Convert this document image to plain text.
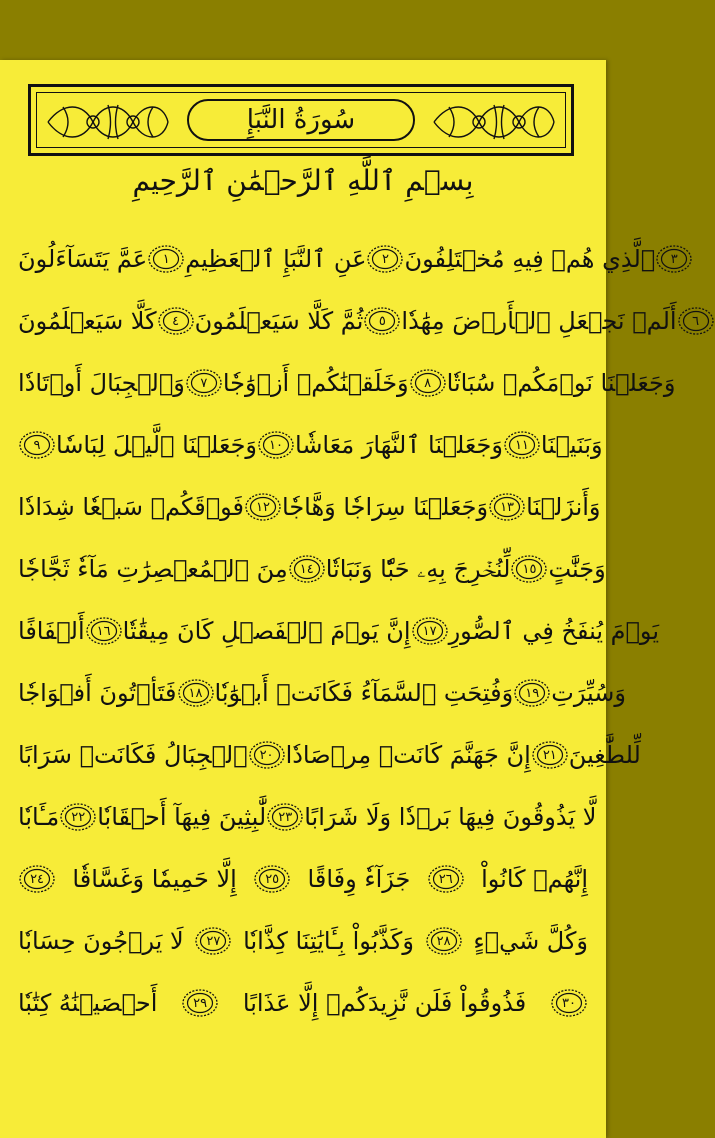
سُورَةُ النَّبَإِ
بِسۡمِ ٱللَّهِ ٱلرَّحۡمَٰنِ ٱلرَّحِيمِ
عَمَّ يَتَسَآءَلُونَ ١ عَنِ ٱلنَّبَإِ ٱلۡعَظِيمِ ٢ ٱلَّذِي هُمۡ فِيهِ مُخۡتَلِفُونَ ٣
كَلَّا سَيَعۡلَمُونَ ٤ ثُمَّ كَلَّا سَيَعۡلَمُونَ ٥ أَلَمۡ نَجۡعَلِ ٱلۡأَرۡضَ مِهَٰدٗا ٦
وَٱلۡجِبَالَ أَوۡتَادٗا ٧ وَخَلَقۡنَٰكُمۡ أَزۡوَٰجٗا ٨ وَجَعَلۡنَا نَوۡمَكُمۡ سُبَاتٗا
٩ وَجَعَلۡنَا ٱلَّيۡلَ لِبَاسٗا ١٠ وَجَعَلۡنَا ٱلنَّهَارَ مَعَاشٗا ١١ وَبَنَيۡنَا
فَوۡقَكُمۡ سَبۡعٗا شِدَادٗا ١٢ وَجَعَلۡنَا سِرَاجٗا وَهَّاجٗا ١٣ وَأَنزَلۡنَا
مِنَ ٱلۡمُعۡصِرَٰتِ مَآءٗ ثَجَّاجٗا ١٤ لِّنُخۡرِجَ بِهِۦ حَبّٗا وَنَبَاتٗا ١٥ وَجَنَّٰتٍ
أَلۡفَافًا ١٦ إِنَّ يَوۡمَ ٱلۡفَصۡلِ كَانَ مِيقَٰتٗا ١٧ يَوۡمَ يُنفَخُ فِي ٱلصُّورِ
فَتَأۡتُونَ أَفۡوَاجٗا ١٨ وَفُتِحَتِ ٱلسَّمَآءُ فَكَانَتۡ أَبۡوَٰبٗا ١٩ وَسُيِّرَتِ
ٱلۡجِبَالُ فَكَانَتۡ سَرَابًا ٢٠ إِنَّ جَهَنَّمَ كَانَتۡ مِرۡصَادٗا ٢١ لِّلطَّٰغِينَ
مَـَٔابٗا ٢٢ لَّٰبِثِينَ فِيهَآ أَحۡقَابٗا ٢٣ لَّا يَذُوقُونَ فِيهَا بَرۡدٗا وَلَا شَرَابًا
٢٤ إِلَّا حَمِيمٗا وَغَسَّاقٗا ٢٥ جَزَآءٗ وِفَاقًا ٢٦ إِنَّهُمۡ كَانُواْ
لَا يَرۡجُونَ حِسَابٗا ٢٧ وَكَذَّبُواْ بِـَٔايَٰتِنَا كِذَّابٗا ٢٨ وَكُلَّ شَيۡءٍ
أَحۡصَيۡنَٰهُ كِتَٰبٗا	٢٩ فَذُوقُواْ فَلَن نَّزِيدَكُمۡ إِلَّا عَذَابًا	٣٠
